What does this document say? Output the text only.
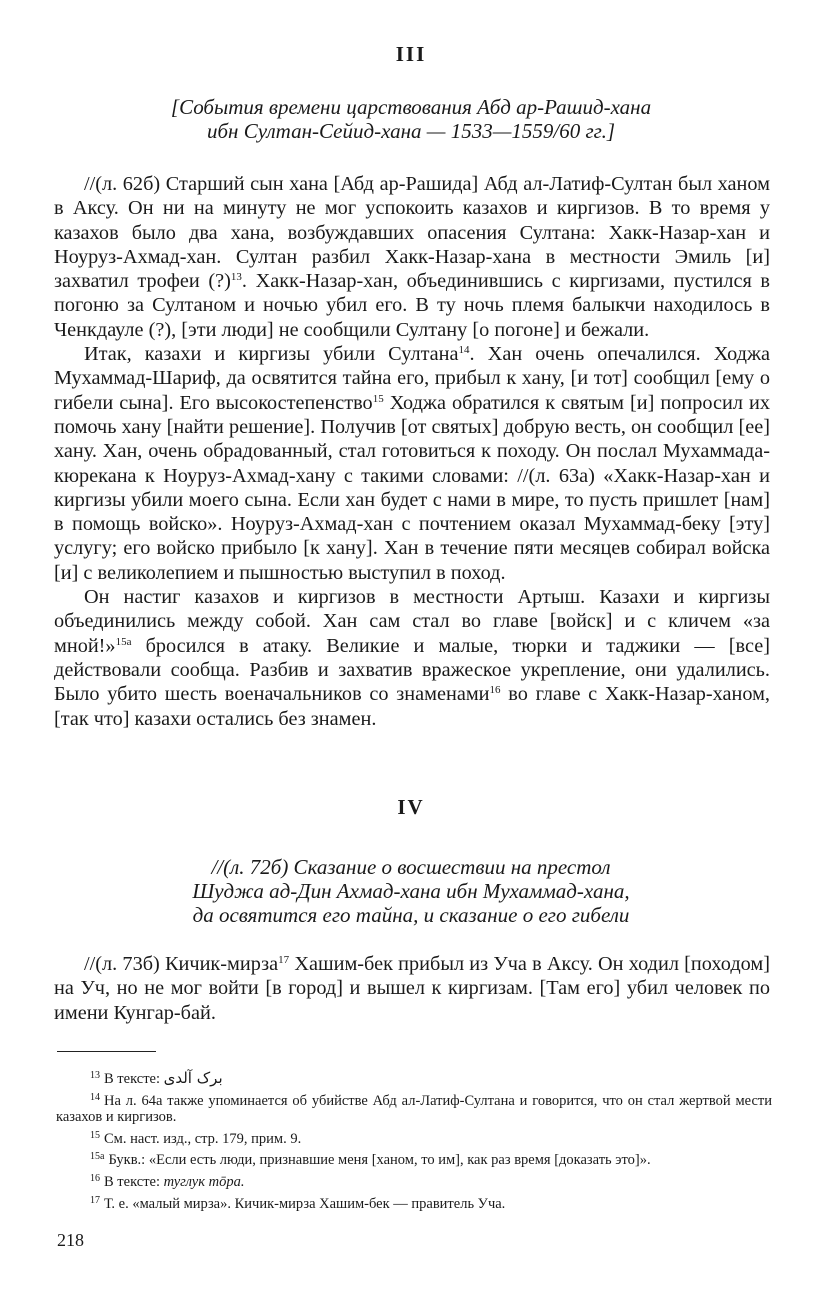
III
[События времени царствования Абд ар-Рашид-хана
ибн Султан-Сейид-хана — 1533—1559/60 гг.]

//(л. 62б) Старший сын хана [Абд ар-Рашида] Абд ал-Латиф-Султан был ханом в Аксу. Он ни на минуту не мог успокоить казахов и киргизов. В то время у казахов было два хана, возбуждавших опасения Султана: Хакк-Назар-хан и Ноуруз-Ахмад-хан. Султан разбил Хакк-Назар-хана в местности Эмиль [и] захватил трофеи (?)$^{13}$. Хакк-Назар-хан, объединившись с киргизами, пустился в погоню за Султаном и ночью убил его. В ту ночь племя балыкчи находилось в Ченкдауле (?), [эти люди] не сообщили Султану [о погоне] и бежали.

Итак, казахи и киргизы убили Султана$^{14}$. Хан очень опечалился. Ходжа Мухаммад-Шариф, да освятится тайна его, прибыл к хану, [и тот] сообщил [ему о гибели сына]. Его высокостепенство$^{15}$ Ходжа обратился к святым [и] попросил их помочь хану [найти решение]. Получив [от святых] добрую весть, он сообщил [ее] хану. Хан, очень обрадованный, стал готовиться к походу. Он послал Мухаммада-кюрекана к Ноуруз-Ахмад-хану с такими словами: //(л. 63а) «Хакк-Назар-хан и киргизы убили моего сына. Если хан будет с нами в мире, то пусть пришлет [нам] в помощь войско». Ноуруз-Ахмад-хан с почтением оказал Мухаммад-беку [эту] услугу; его войско прибыло [к хану]. Хан в течение пяти месяцев собирал войска [и] с великолепием и пышностью выступил в поход.

Он настиг казахов и киргизов в местности Артыш. Казахи и киргизы объединились между собой. Хан сам стал во главе [войск] и с кличем «за мной!»$^{15а}$ бросился в атаку. Великие и малые, тюрки и таджики — [все] действовали сообща. Разбив и захватив вражеское укрепление, они удалились. Было убито шесть военачальников со знаменами$^{16}$ во главе с Хакк-Назар-ханом, [так что] казахи остались без знамен.

IV
//(л. 72б) Сказание о восшествии на престол
Шуджа ад-Дин Ахмад-хана ибн Мухаммад-хана,
да освятится его тайна, и сказание о его гибели

//(л. 73б) Кичик-мирза$^{17}$ Хашим-бек прибыл из Уча в Аксу. Он ходил [походом] на Уч, но не мог войти [в город] и вышел к киргизам. [Там его] убил человек по имени Кунгар-бай.

$^{13}$ В тексте: برک آلدی
$^{14}$ На л. 64а также упоминается об убийстве Абд ал-Латиф-Султана и говорится, что он стал жертвой мести казахов и киргизов.
$^{15}$ См. наст. изд., стр. 179, прим. 9.
$^{15а}$ Букв.: «Если есть люди, признавшие меня [ханом, то им], как раз время [доказать это]».
$^{16}$ В тексте: туглук тōра.
$^{17}$ Т. е. «малый мирза». Кичик-мирза Хашим-бек — правитель Уча.
218
